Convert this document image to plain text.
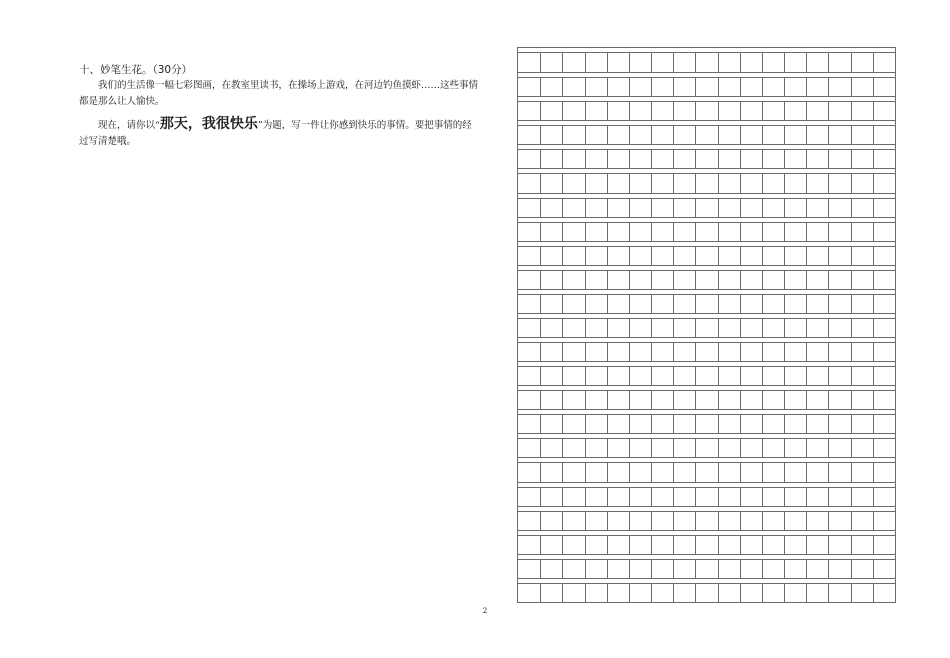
十、妙笔生花。（30分）

我们的生活像一幅七彩图画，在教室里读书，在操场上游戏，在河边钓鱼摸虾……这些事情都是那么让人愉快。

现在，请你以“那天，我很快乐”为题，写一件让你感到快乐的事情。要把事情的经过写清楚哦。

2
